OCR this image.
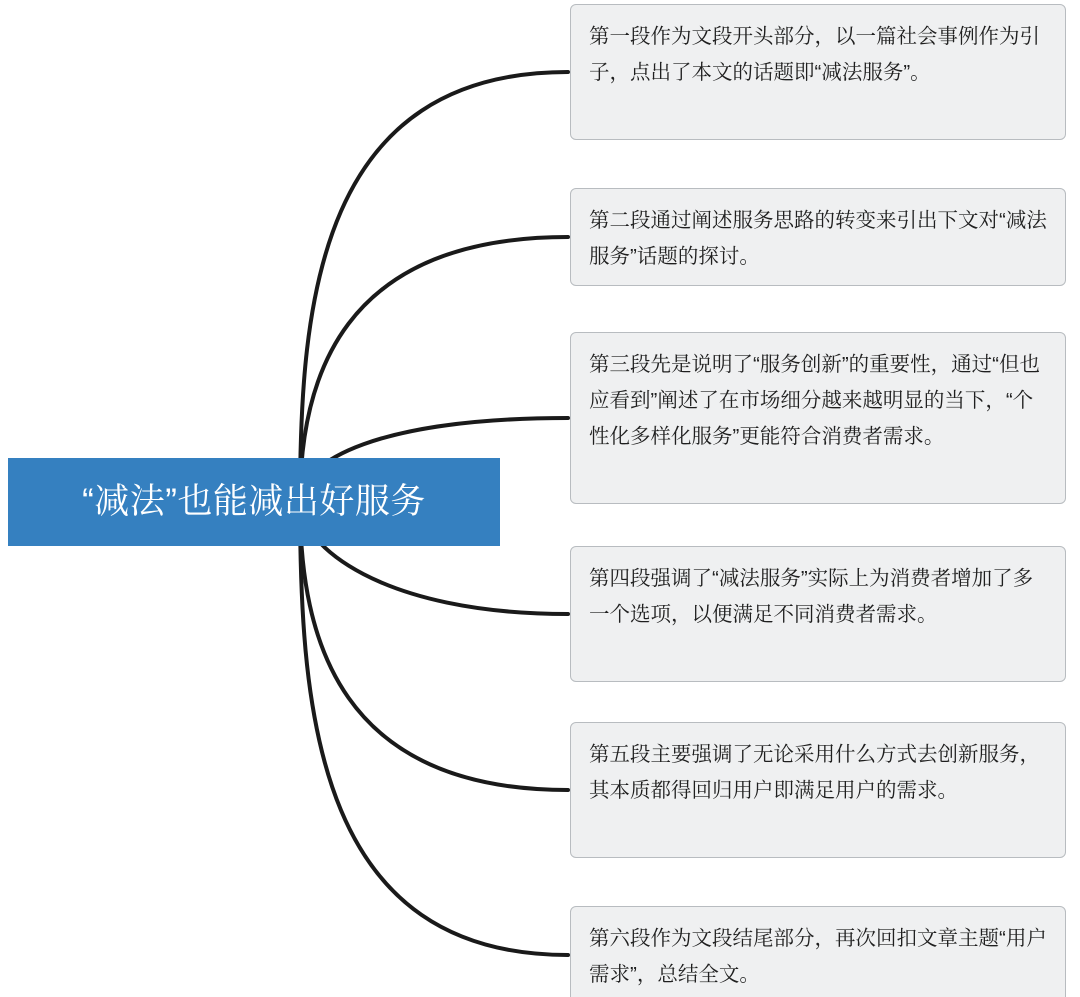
“减法”也能减出好服务
第一段作为文段开头部分，以一篇社会事例作为引子，点出了本文的话题即“减法服务”。
第二段通过阐述服务思路的转变来引出下文对“减法服务”话题的探讨。
第三段先是说明了“服务创新”的重要性，通过“但也应看到”阐述了在市场细分越来越明显的当下，“个性化多样化服务”更能符合消费者需求。
第四段强调了“减法服务”实际上为消费者增加了多一个选项，以便满足不同消费者需求。
第五段主要强调了无论采用什么方式去创新服务，其本质都得回归用户即满足用户的需求。
第六段作为文段结尾部分，再次回扣文章主题“用户需求”，总结全文。
